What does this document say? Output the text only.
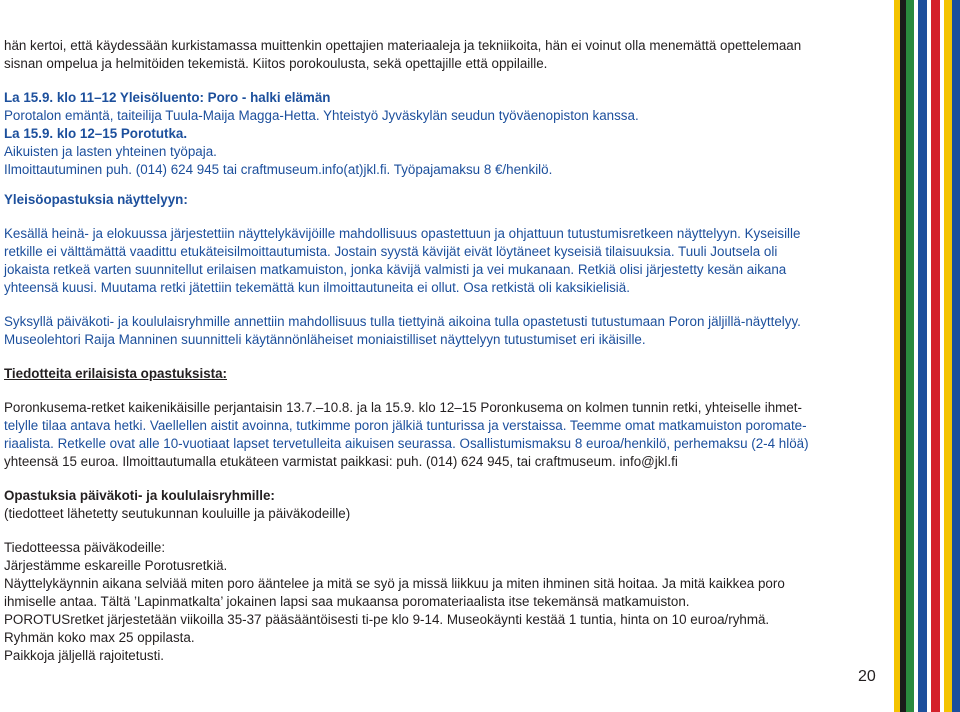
hän kertoi, että käydessään kurkistamassa muittenkin opettajien materiaaleja ja tekniikoita, hän ei voinut olla menemättä opettelemaan

sisnan ompelua ja helmitöiden tekemistä. Kiitos porokoulusta, sekä opettajille että oppilaille.

La 15.9. klo 11–12 Yleisöluento: Poro - halki elämän

Porotalon emäntä, taiteilija Tuula-Maija Magga-Hetta. Yhteistyö Jyväskylän seudun työväenopiston kanssa.

La 15.9. klo 12–15 Porotutka.

Aikuisten ja lasten yhteinen työpaja.

Ilmoittautuminen puh. (014) 624 945 tai craftmuseum.info(at)jkl.fi. Työpajamaksu 8 €/henkilö.

Yleisöopastuksia näyttelyyn:

Kesällä heinä- ja elokuussa järjestettiin näyttelykävijöille mahdollisuus opastettuun ja ohjattuun tutustumisretkeen näyttelyyn. Kyseisille

retkille ei välttämättä vaadittu etukäteisilmoittautumista. Jostain syystä kävijät eivät löytäneet kyseisiä tilaisuuksia. Tuuli Joutsela oli

jokaista retkeä varten suunnitellut erilaisen matkamuiston, jonka kävijä valmisti ja vei mukanaan. Retkiä olisi järjestetty kesän aikana

yhteensä kuusi. Muutama retki jätettiin tekemättä kun ilmoittautuneita ei ollut. Osa retkistä oli kaksikielisiä.

Syksyllä päiväkoti- ja koululaisryhmille annettiin mahdollisuus tulla tiettyinä aikoina tulla opastetusti tutustumaan Poron jäljillä-näyttelyy.

Museolehtori Raija Manninen suunnitteli käytännönläheiset moniaistilliset näyttelyyn tutustumiset eri ikäisille.

Tiedotteita erilaisista opastuksista:

Poronkusema-retket kaikenikäisille perjantaisin 13.7.–10.8. ja la 15.9. klo 12–15 Poronkusema on kolmen tunnin retki, yhteiselle ihmet-

telylle tilaa antava hetki. Vaellellen aistit avoinna, tutkimme poron jälkiä tunturissa ja verstaissa. Teemme omat matkamuiston poromate-

riaalista. Retkelle ovat alle 10-vuotiaat lapset tervetulleita aikuisen seurassa. Osallistumismaksu 8 euroa/henkilö, perhemaksu (2-4 hlöä)

yhteensä 15 euroa. Ilmoittautumalla etukäteen varmistat paikkasi: puh. (014) 624 945, tai craftmuseum. info@jkl.fi

Opastuksia päiväkoti- ja koululaisryhmille:

(tiedotteet lähetetty seutukunnan kouluille ja päiväkodeille)

Tiedotteessa päiväkodeille:

Järjestämme eskareille Porotusretkiä.

Näyttelykäynnin aikana selviää miten poro ääntelee ja mitä se syö ja missä liikkuu ja miten ihminen sitä hoitaa. Ja mitä kaikkea poro

ihmiselle antaa. Tältä ’Lapinmatkalta’ jokainen lapsi saa mukaansa poromateriaalista itse tekemänsä matkamuiston.

PORОTUSretket järjestetään viikoilla 35-37 pääsääntöisesti ti-pe klo 9-14. Museokäynti kestää 1 tuntia, hinta on 10 euroa/ryhmä.

Ryhmän koko max 25 oppilasta.

Paikkoja jäljellä rajoitetusti.

20
